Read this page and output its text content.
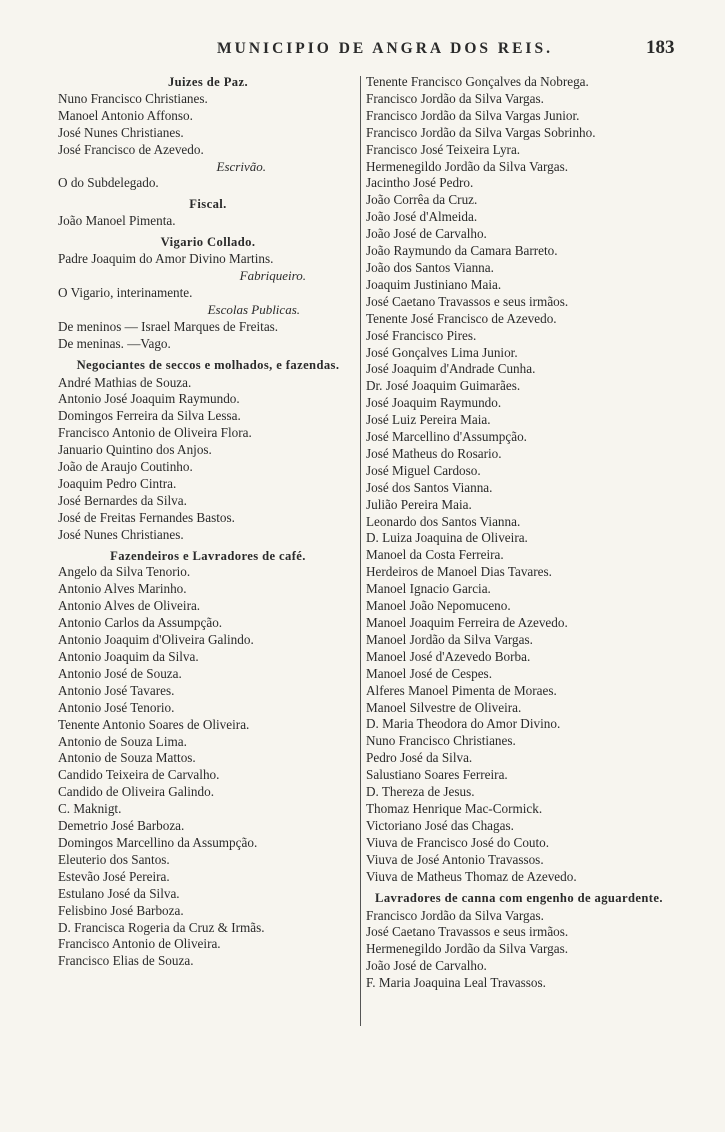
MUNICIPIO DE ANGRA DOS REIS.	183
Juizes de Paz.
Nuno Francisco Christianes.
Manoel Antonio Affonso.
José Nunes Christianes.
José Francisco de Azevedo.
Escrivão.
O do Subdelegado.
Fiscal.
João Manoel Pimenta.
Vigario Collado.
Padre Joaquim do Amor Divino Martins.
Fabriqueiro.
O Vigario, interinamente.
Escolas Publicas.
De meninos — Israel Marques de Freitas.
De meninas. —Vago.
Negociantes de seccos e molhados, e fazendas.
André Mathias de Souza.
Antonio José Joaquim Raymundo.
Domingos Ferreira da Silva Lessa.
Francisco Antonio de Oliveira Flora.
Januario Quintino dos Anjos.
João de Araujo Coutinho.
Joaquim Pedro Cintra.
José Bernardes da Silva.
José de Freitas Fernandes Bastos.
José Nunes Christianes.
Fazendeiros e Lavradores de café.
Angelo da Silva Tenorio.
Antonio Alves Marinho.
Antonio Alves de Oliveira.
Antonio Carlos da Assumpção.
Antonio Joaquim d'Oliveira Galindo.
Antonio Joaquim da Silva.
Antonio José de Souza.
Antonio José Tavares.
Antonio José Tenorio.
Tenente Antonio Soares de Oliveira.
Antonio de Souza Lima.
Antonio de Souza Mattos.
Candido Teixeira de Carvalho.
Candido de Oliveira Galindo.
C. Maknigt.
Demetrio José Barboza.
Domingos Marcellino da Assumpção.
Eleuterio dos Santos.
Estevão José Pereira.
Estulano José da Silva.
Felisbino José Barboza.
D. Francisca Rogeria da Cruz & Irmãs.
Francisco Antonio de Oliveira.
Francisco Elias de Souza.
Tenente Francisco Gonçalves da Nobrega.
Francisco Jordão da Silva Vargas.
Francisco Jordão da Silva Vargas Junior.
Francisco Jordão da Silva Vargas Sobrinho.
Francisco José Teixeira Lyra.
Hermenegildo Jordão da Silva Vargas.
Jacintho José Pedro.
João Corrêa da Cruz.
João José d'Almeida.
João José de Carvalho.
João Raymundo da Camara Barreto.
João dos Santos Vianna.
Joaquim Justiniano Maia.
José Caetano Travassos e seus irmãos.
Tenente José Francisco de Azevedo.
José Francisco Pires.
José Gonçalves Lima Junior.
José Joaquim d'Andrade Cunha.
Dr. José Joaquim Guimarães.
José Joaquim Raymundo.
José Luiz Pereira Maia.
José Marcellino d'Assumpção.
José Matheus do Rosario.
José Miguel Cardoso.
José dos Santos Vianna.
Julião Pereira Maia.
Leonardo dos Santos Vianna.
D. Luiza Joaquina de Oliveira.
Manoel da Costa Ferreira.
Herdeiros de Manoel Dias Tavares.
Manoel Ignacio Garcia.
Manoel João Nepomuceno.
Manoel Joaquim Ferreira de Azevedo.
Manoel Jordão da Silva Vargas.
Manoel José d'Azevedo Borba.
Manoel José de Cespes.
Alferes Manoel Pimenta de Moraes.
Manoel Silvestre de Oliveira.
D. Maria Theodora do Amor Divino.
Nuno Francisco Christianes.
Pedro José da Silva.
Salustiano Soares Ferreira.
D. Thereza de Jesus.
Thomaz Henrique Mac-Cormick.
Victoriano José das Chagas.
Viuva de Francisco José do Couto.
Viuva de José Antonio Travassos.
Viuva de Matheus Thomaz de Azevedo.
Lavradores de canna com engenho de aguardente.
Francisco Jordão da Silva Vargas.
José Caetano Travassos e seus irmãos.
Hermenegildo Jordão da Silva Vargas.
João José de Carvalho.
F. Maria Joaquina Leal Travassos.
